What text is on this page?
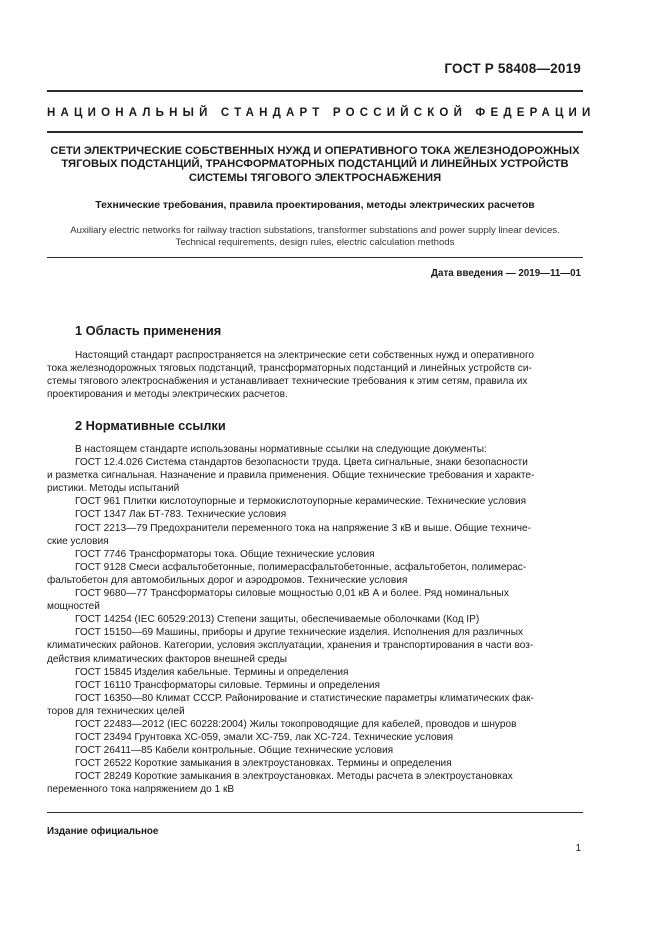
ГОСТ Р 58408—2019
НАЦИОНАЛЬНЫЙ СТАНДАРТ РОССИЙСКОЙ ФЕДЕРАЦИИ
СЕТИ ЭЛЕКТРИЧЕСКИЕ СОБСТВЕННЫХ НУЖД И ОПЕРАТИВНОГО ТОКА ЖЕЛЕЗНОДОРОЖНЫХ
ТЯГОВЫХ ПОДСТАНЦИЙ, ТРАНСФОРМАТОРНЫХ ПОДСТАНЦИЙ И ЛИНЕЙНЫХ УСТРОЙСТВ
СИСТЕМЫ ТЯГОВОГО ЭЛЕКТРОСНАБЖЕНИЯ
Технические требования, правила проектирования, методы электрических расчетов
Auxiliary electric networks for railway traction substations, transformer substations and power supply linear devices.
Technical requirements, design rules, electric calculation methods
Дата введения — 2019—11—01
1 Область применения
Настоящий стандарт распространяется на электрические сети собственных нужд и оперативного
тока железнодорожных тяговых подстанций, трансформаторных подстанций и линейных устройств си-
стемы тягового электроснабжения и устанавливает технические требования к этим сетям, правила их
проектирования и методы электрических расчетов.
2 Нормативные ссылки
В настоящем стандарте использованы нормативные ссылки на следующие документы:
ГОСТ 12.4.026 Система стандартов безопасности труда. Цвета сигнальные, знаки безопасности
и разметка сигнальная. Назначение и правила применения. Общие технические требования и характе-
ристики. Методы испытаний
ГОСТ 961 Плитки кислотоупорные и термокислотоупорные керамические. Технические условия
ГОСТ 1347 Лак БТ-783. Технические условия
ГОСТ 2213—79 Предохранители переменного тока на напряжение 3 кВ и выше. Общие техниче-
ские условия
ГОСТ 7746 Трансформаторы тока. Общие технические условия
ГОСТ 9128 Смеси асфальтобетонные, полимерасфальтобетонные, асфальтобетон, полимерас-
фальтобетон для автомобильных дорог и аэродромов. Технические условия
ГОСТ 9680—77 Трансформаторы силовые мощностью 0,01 кВ А и более. Ряд номинальных
мощностей
ГОСТ 14254 (IEC 60529:2013) Степени защиты, обеспечиваемые оболочками (Код IP)
ГОСТ 15150—69 Машины, приборы и другие технические изделия. Исполнения для различных
климатических районов. Категории, условия эксплуатации, хранения и транспортирования в части воз-
действия климатических факторов внешней среды
ГОСТ 15845 Изделия кабельные. Термины и определения
ГОСТ 16110 Трансформаторы силовые. Термины и определения
ГОСТ 16350—80 Климат СССР. Районирование и статистические параметры климатических фак-
торов для технических целей
ГОСТ 22483—2012 (IEC 60228:2004) Жилы токопроводящие для кабелей, проводов и шнуров
ГОСТ 23494 Грунтовка ХС-059, эмали ХС-759, лак ХС-724. Технические условия
ГОСТ 26411—85 Кабели контрольные. Общие технические условия
ГОСТ 26522 Короткие замыкания в электроустановках. Термины и определения
ГОСТ 28249 Короткие замыкания в электроустановках. Методы расчета в электроустановках
переменного тока напряжением до 1 кВ
Издание официальное
1
